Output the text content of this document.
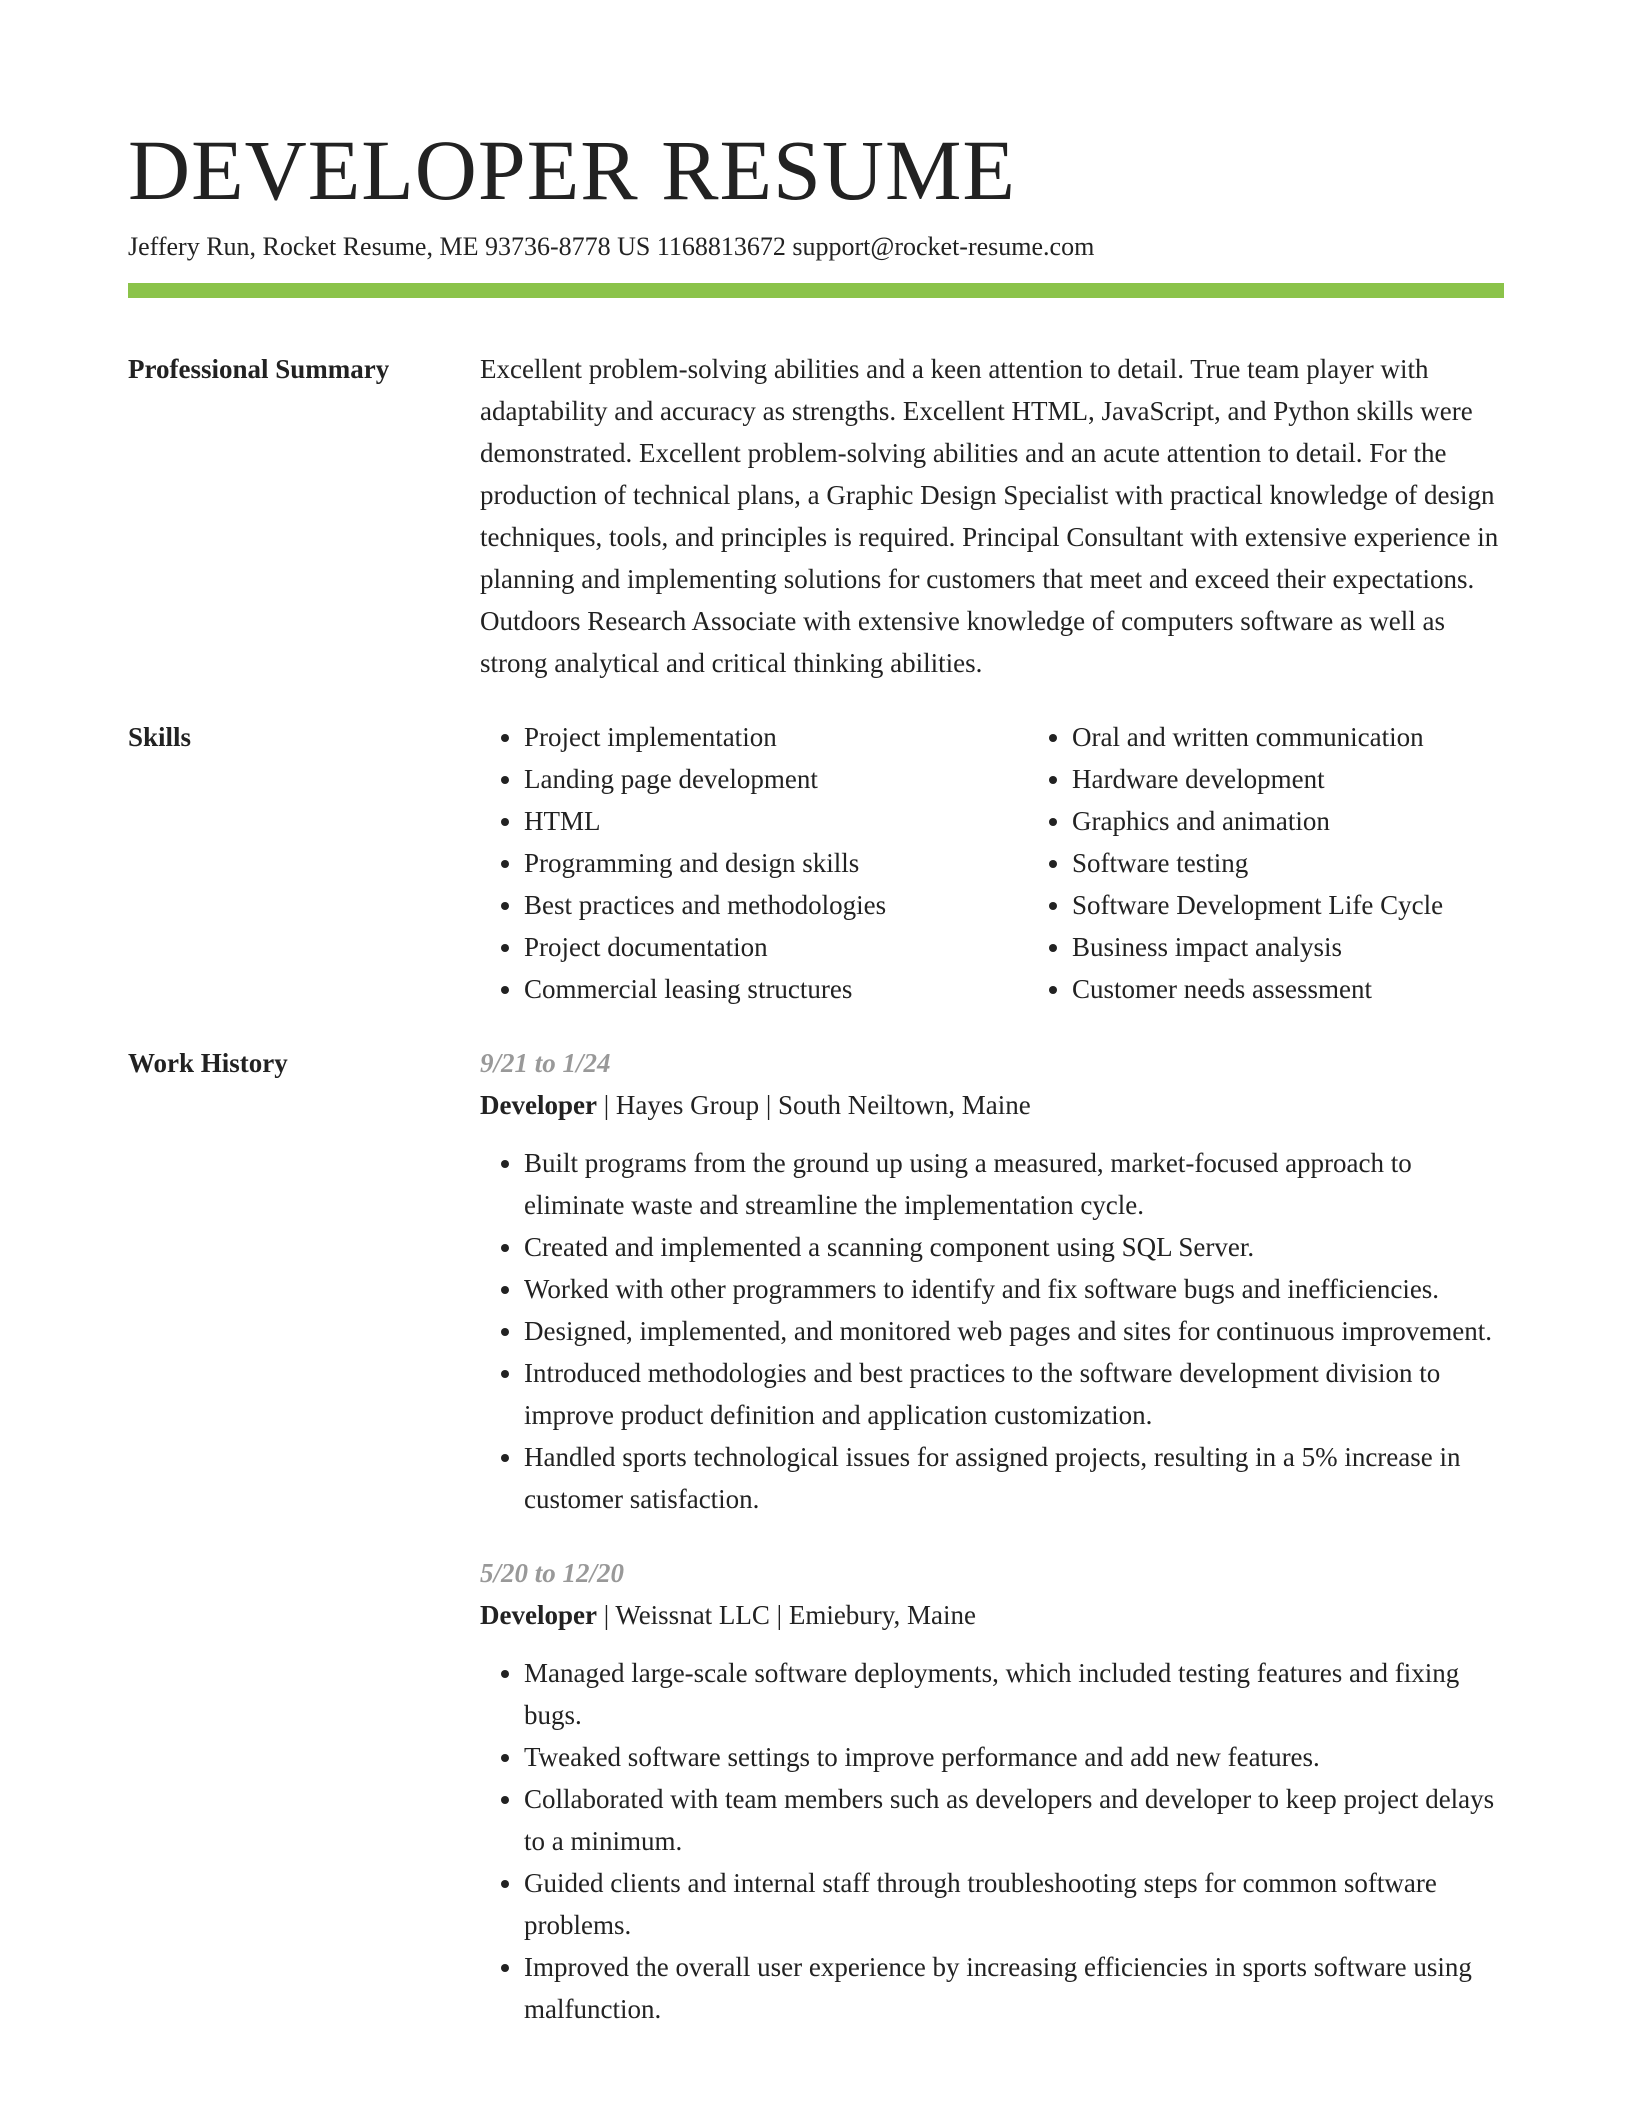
DEVELOPER RESUME
Jeffery Run, Rocket Resume, ME 93736-8778 US 1168813672 support@rocket-resume.com
Professional Summary	Excellent problem-solving abilities and a keen attention to detail. True team player with adaptability and accuracy as strengths. Excellent HTML, JavaScript, and Python skills were demonstrated. Excellent problem-solving abilities and an acute attention to detail. For the production of technical plans, a Graphic Design Specialist with practical knowledge of design techniques, tools, and principles is required. Principal Consultant with extensive experience in planning and implementing solutions for customers that meet and exceed their expectations. Outdoors Research Associate with extensive knowledge of computers software as well as strong analytical and critical thinking abilities.
Skills
•	Project implementation
• Landing page development
• HTML
• Programming and design skills
• Best practices and methodologies
• Project documentation
• Commercial leasing structures
• Oral and written communication
• Hardware development
• Graphics and animation
• Software testing
• Software Development Life Cycle
• Business impact analysis
• Customer needs assessment
Work History	9/21 to 1/24
Developer | Hayes Group | South Neiltown, Maine
• Built programs from the ground up using a measured, market-focused approach to eliminate waste and streamline the implementation cycle.
• Created and implemented a scanning component using SQL Server.
• Worked with other programmers to identify and fix software bugs and inefficiencies.
• Designed, implemented, and monitored web pages and sites for continuous improvement.
• Introduced methodologies and best practices to the software development division to improve product definition and application customization.
• Handled sports technological issues for assigned projects, resulting in a 5% increase in customer satisfaction.
5/20 to 12/20
Developer | Weissnat LLC | Emiebury, Maine
• Managed large-scale software deployments, which included testing features and fixing bugs.
• Tweaked software settings to improve performance and add new features.
• Collaborated with team members such as developers and developer to keep project delays to a minimum.
• Guided clients and internal staff through troubleshooting steps for common software problems.
• Improved the overall user experience by increasing efficiencies in sports software using malfunction.
